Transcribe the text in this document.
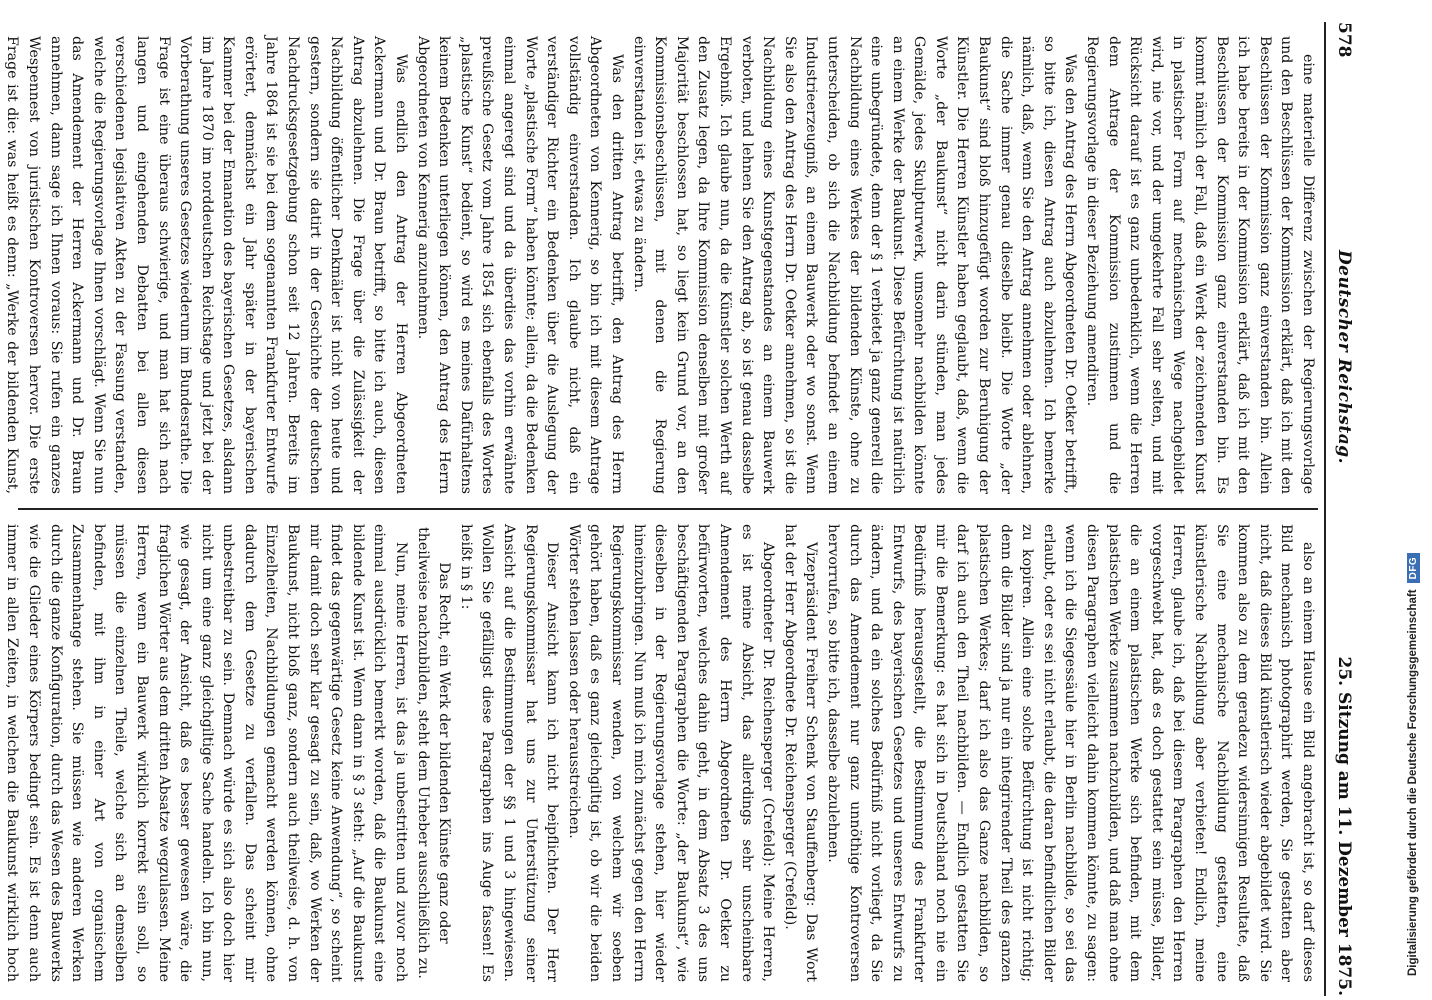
578
Deutscher Reichstag.
25. Sitzung am 11. Dezember 1875.

eine materielle Differenz zwischen der Regierungsvorlage und den Beschlüssen der Kommission erklärt, daß ich mit den Beschlüssen der Kommission ganz einverstanden bin. Allein ich habe bereits in der Kommission erklärt, daß ich mit den Beschlüssen der Kommission ganz einverstanden bin. Es kommt nämlich der Fall, daß ein Werk der zeichnenden Kunst in plastischer Form auf mechanischem Wege nachgebildet wird, nie vor, und der umgekehrte Fall sehr selten, und mit Rücksicht darauf ist es ganz unbedenklich, wenn die Herren dem Antrage der Kommission zustimmen und die Regierungsvorlage in dieser Beziehung amendiren.

Was den Antrag des Herrn Abgeordneten Dr. Oetker betrifft, so bitte ich, diesen Antrag auch abzulehnen. Ich bemerke nämlich, daß, wenn Sie den Antrag annehmen oder ablehnen, die Sache immer genau dieselbe bleibt. Die Worte „der Baukunst“ sind bloß hinzugefügt worden zur Beruhigung der Künstler. Die Herren Künstler haben geglaubt, daß, wenn die Worte „der Baukunst“ nicht darin stünden, man jedes Gemälde, jedes Skulpturwerk, umsomehr nachbilden könnte an einem Werke der Baukunst. Diese Befürchtung ist natürlich eine unbegründete, denn der § 1 verbietet ja ganz generell die Nachbildung eines Werkes der bildenden Künste, ohne zu unterscheiden, ob sich die Nachbildung befindet an einem Industrieerzeugniß, an einem Bauwerk oder wo sonst. Wenn Sie also den Antrag des Herrn Dr. Oetker annehmen, so ist die Nachbildung eines Kunstgegenstandes an einem Bauwerk verboten, und lehnen Sie den Antrag ab, so ist genau dasselbe Ergebniß. Ich glaube nun, da die Künstler solchen Werth auf den Zusatz legen, da Ihre Kommission denselben mit großer Majorität beschlossen hat, so liegt kein Grund vor, an den Kommissionsbeschlüssen, mit denen die Regierung einverstanden ist, etwas zu ändern.

Was den dritten Antrag betrifft, den Antrag des Herrn Abgeordneten von Kennerig, so bin ich mit diesem Antrage vollständig einverstanden. Ich glaube nicht, daß ein verständiger Richter ein Bedenken über die Auslegung der Worte „plastische Form“ haben könnte; allein, da die Bedenken einmal angeregt sind und da überdies das vorhin erwähnte preußische Gesetz vom Jahre 1854 sich ebenfalls des Wortes „plastische Kunst“ bedient, so wird es meines Dafürhaltens keinem Bedenken unterliegen können, den Antrag des Herrn Abgeordneten von Kennerig anzunehmen.

Was endlich den Antrag der Herren Abgeordneten Ackermann und Dr. Braun betrifft, so bitte ich auch, diesen Antrag abzulehnen. Die Frage über die Zulässigkeit der Nachbildung öffentlicher Denkmäler ist nicht von heute und gestern, sondern sie datirt in der Geschichte der deutschen Nachdrucksgesetzgebung schon seit 12 Jahren. Bereits im Jahre 1864 ist sie bei dem sogenannten Frankfurter Entwurfe erörtert, demnächst ein Jahr später in der bayerischen Kammer bei der Emanation des bayerischen Gesetzes, alsdann im Jahre 1870 im norddeutschen Reichstage und jetzt bei der Vorberathung unseres Gesetzes wiederum im Bundesrathe. Die Frage ist eine überaus schwierige, und man hat sich nach langen und eingehenden Debatten bei allen diesen verschiedenen legislativen Akten zu der Fassung verstanden, welche die Regierungsvorlage Ihnen vorschlägt. Wenn Sie nun das Amendement der Herren Ackermann und Dr. Braun annehmen, dann sage ich Ihnen voraus: Sie rufen ein ganzes Wespennest von juristischen Kontroversen hervor. Die erste Frage ist die: was heißt es denn: „Werke der bildenden Kunst,

also an einem Hause ein Bild angebracht ist, so darf dieses Bild mechanisch photographirt werden, Sie gestatten aber nicht, daß dieses Bild künstlerisch wieder abgebildet wird. Sie kommen also zu dem geradezu widersinnigen Resultate, daß Sie eine mechanische Nachbildung gestatten, eine künstlerische Nachbildung aber verbieten! Endlich, meine Herren, glaube ich, daß bei diesem Paragraphen den Herren vorgeschwebt hat, daß es doch gestattet sein müsse, Bilder, die an einem plastischen Werke sich befinden, mit dem plastischen Werke zusammen nachzubilden, und daß man ohne diesen Paragraphen vielleicht dahin kommen könnte, zu sagen: wenn ich die Siegessäule hier in Berlin nachbilde, so sei das erlaubt, oder es sei nicht erlaubt, die daran befindlichen Bilder zu kopiren. Allein eine solche Befürchtung ist nicht richtig; denn die Bilder sind ja nur ein integrirender Theil des ganzen plastischen Werkes; darf ich also das Ganze nachbilden, so darf ich auch den Theil nachbilden. — Endlich gestatten Sie mir die Bemerkung: es hat sich in Deutschland noch nie ein Bedürfniß herausgestellt, die Bestimmung des Frankfurter Entwurfs, des bayerischen Gesetzes und unseres Entwurfs zu ändern, und da ein solches Bedürfniß nicht vorliegt, da Sie durch das Amendement nur ganz unnöthige Kontroversen hervorrufen, so bitte ich, dasselbe abzulehnen.

Vizepräsident Freiherr Schenk von Stauffenberg: Das Wort hat der Herr Abgeordnete Dr. Reichensperger (Crefeld).

Abgeordneter Dr. Reichensperger (Crefeld): Meine Herren, es ist meine Absicht, das allerdings sehr unscheinbare Amendement des Herrn Abgeordneten Dr. Oetker zu befürworten, welches dahin geht, in dem Absatz 3 des uns beschäftigenden Paragraphen die Worte: „der Baukunst“, wie dieselben in der Regierungsvorlage stehen, hier wieder hineinzubringen. Nun muß ich mich zunächst gegen den Herrn Regierungskommissar wenden, von welchem wir soeben gehört haben, daß es ganz gleichgiltig ist, ob wir die beiden Wörter stehen lassen oder herausstreichen.

Dieser Ansicht kann ich nicht beipflichten. Der Herr Regierungskommissar hat uns zur Unterstützung seiner Ansicht auf die Bestimmungen der §§ 1 und 3 hingewiesen. Wollen Sie gefälligst diese Paragraphen ins Auge fassen! Es heißt in § 1:

Das Recht, ein Werk der bildenden Künste ganz oder theilweise nachzubilden, steht dem Urheber ausschließlich zu.

Nun, meine Herren, ist das ja unbestritten und zuvor noch einmal ausdrücklich bemerkt worden, daß die Baukunst eine bildende Kunst ist. Wenn dann in § 3 steht: „Auf die Baukunst findet das gegenwärtige Gesetz keine Anwendung“, so scheint mir damit doch sehr klar gesagt zu sein, daß, wo Werken der Baukunst, nicht bloß ganz, sondern auch theilweise, d. h. von Einzelheiten, Nachbildungen gemacht werden können, ohne dadurch dem Gesetze zu verfallen. Das scheint mir unbestreitbar zu sein. Demnach würde es sich also doch hier nicht um eine ganz gleichgiltige Sache handeln. Ich bin nun, wie gesagt, der Ansicht, daß es besser gewesen wäre, die fraglichen Wörter aus dem dritten Absatze wegzulassen. Meine Herren, wenn ein Bauwerk wirklich korrekt sein soll, so müssen die einzelnen Theile, welche sich an demselben befinden, mit ihm in einer Art von organischem Zusammenhange stehen. Sie müssen wie anderen Werken durch die ganze Konfiguration, durch das Wesen des Bauwerks wie die Glieder eines Körpers bedingt sein. Es ist denn auch immer in allen Zeiten, in welchen die Baukunst wirklich hoch	Digitalisierung gefördert durch die Deutsche Forschungsgemeinschaft
DFG
